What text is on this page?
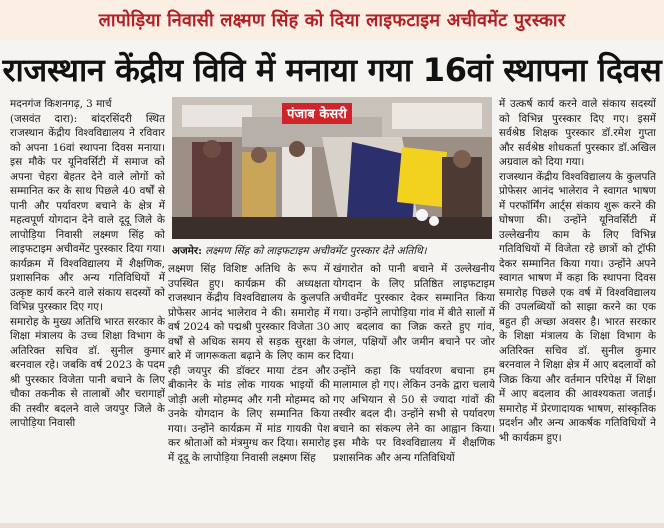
लापोड़िया निवासी लक्ष्मण सिंह को दिया लाइफटाइम अचीवमेंट पुरस्कार
राजस्थान केंद्रीय विवि में मनाया गया 16वां स्थापना दिवस
मदनगंज किशनगढ़, 3 मार्च
(जसवंत दारा): बांदरसिंदरी स्थित राजस्थान केंद्रीय विश्वविद्यालय ने रविवार को अपना 16वां स्थापना दिवस मनाया। इस मौके पर यूनिवर्सिटी में समाज को अपना चेहरा बेहतर देने वाले लोगों को सम्मानित कर के साथ पिछले 40 वर्षों से पानी और पर्यावरण बचाने के क्षेत्र में महत्वपूर्ण योगदान देने वाले दूदू जिले के लापोड़िया निवासी लक्ष्मण सिंह को लाइफटाइम अचीवमेंट पुरस्कार दिया गया। कार्यक्रम में विश्वविद्यालय में शैक्षणिक, प्रशासनिक और अन्य गतिविधियों में उत्कृष्ट कार्य करने वाले संकाय सदस्यों को विभिन्न पुरस्कार दिए गए।
समारोह के मुख्य अतिथि भारत सरकार के शिक्षा मंत्रालय के उच्च शिक्षा विभाग के अतिरिक्त सचिव डॉ. सुनील कुमार बरनवाल रहे। जबकि वर्ष 2023 के पदम श्री पुरस्कार विजेता पानी बचाने के लिए चौका तकनीक से तालाबों और चरागाहों की तस्वीर बदलने वाले जयपुर जिले के लापोड़िया निवासी
पंजाब केसरी
अजमेर: लक्ष्मण सिंह को लाइफटाइम अचीवमेंट पुरस्कार देते अतिथि।
लक्ष्मण सिंह विशिष्ट अतिथि के रूप में उपस्थित हुए। कार्यक्रम की अध्यक्षता राजस्थान केंद्रीय विश्वविद्यालय के कुलपति प्रोफेसर आनंद भालेराव ने की। समारोह में वर्ष 2024 को पद्मश्री पुरस्कार विजेता 30 वर्षों से अधिक समय से सड़क सुरक्षा के बारे में जागरूकता बढ़ाने के लिए काम कर रही जयपुर की डॉक्टर माया टंडन और बीकानेर के मांड लोक गायक भाइयों की जोड़ी अली मोहम्मद और गनी मोहम्मद को उनके योगदान के लिए सम्मानित किया गया। उन्होंने कार्यक्रम में मांड गायकी पेश कर श्रोताओं को मंत्रमुग्ध कर दिया। समारोह में दूदू के लापोड़िया निवासी लक्ष्मण सिंह
खंगारोत को पानी बचाने में उल्लेखनीय योगदान के लिए प्रतिष्ठित लाइफटाइम अचीवमेंट पुरस्कार देकर सम्मानित किया गया। उन्होंने लापोड़िया गांव में बीते सालों में आए बदलाव का जिक्र करते हुए गांव, जंगल, पक्षियों और जमीन बचाने पर जोर दिया।
उन्होंने कहा कि पर्यावरण बचाना हम मालामाल हो गए। लेकिन उनके द्वारा चलाये गए अभियान से 50 से ज्यादा गांवों की तस्वीर बदल दी। उन्होंने सभी से पर्यावरण बचाने का संकल्प लेने का आह्वान किया। इस मौके पर विश्वविद्यालय में शैक्षणिक प्रशासनिक और अन्य गतिविधियों
में उत्कर्ष कार्य करने वाले संकाय सदस्यों को विभिन्न पुरस्कार दिए गए। इसमें सर्वश्रेष्ठ शिक्षक पुरस्कार डॉ.रमेश गुप्ता और सर्वश्रेष्ठ शोधकर्ता पुरस्कार डॉ.अखिल अग्रवाल को दिया गया।
राजस्थान केंद्रीय विश्वविद्यालय के कुलपति प्रोफेसर आनंद भालेराव ने स्वागत भाषण में परफॉर्मिंग आर्ट्स संकाय शुरू करने की घोषणा की। उन्होंने यूनिवर्सिटी में उल्लेखनीय काम के लिए विभिन्न गतिविधियों में विजेता रहे छात्रों को ट्रॉफी देकर सम्मानित किया गया। उन्होंने अपने स्वागत भाषण में कहा कि स्थापना दिवस समारोह पिछले एक वर्ष में विश्वविद्यालय की उपलब्धियों को साझा करने का एक बहुत ही अच्छा अवसर है। भारत सरकार के शिक्षा मंत्रालय के शिक्षा विभाग के अतिरिक्त सचिव डॉ. सुनील कुमार बरनवाल ने शिक्षा क्षेत्र में आए बदलावों को जिक्र किया और वर्तमान परिपेक्ष में शिक्षा में आए बदलाव की आवश्यकता जताई। समारोह में प्रेरणादायक भाषण, सांस्कृतिक प्रदर्शन और अन्य आकर्षक गतिविधियों ने भी कार्यक्रम हुए।
